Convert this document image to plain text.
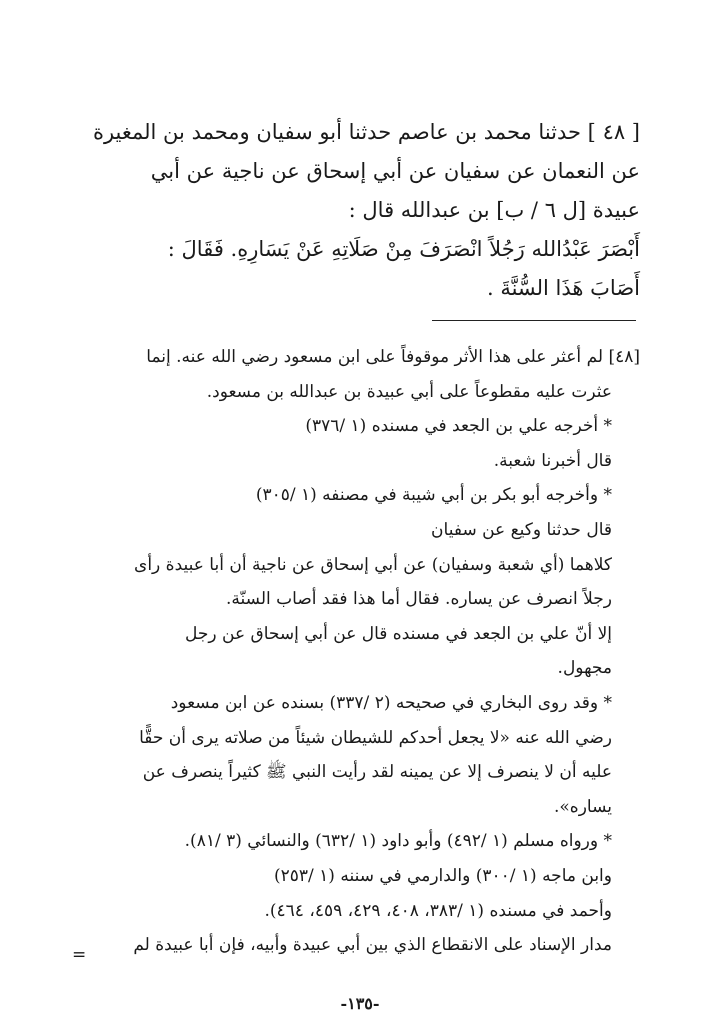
[ ٤٨ ] حدثنا محمد بن عاصم حدثنا أبو سفيان ومحمد بن المغيرة
عن النعمان عن سفيان عن أبي إسحاق عن ناجية عن أبي
عبيدة [ل ٦ / ب] بن عبدالله قال :
أَبْصَرَ عَبْدُالله رَجُلاً انْصَرَفَ مِنْ صَلَاتِهِ عَنْ يَسَارِهِ. فَقَالَ :
أَصَابَ هَذَا السُّنَّةَ .
[٤٨] لم أعثر على هذا الأثر موقوفاً على ابن مسعود رضي الله عنه. إنما
عثرت عليه مقطوعاً على أبي عبيدة بن عبدالله بن مسعود.
* أخرجه علي بن الجعد في مسنده (١ /٣٧٦)
قال أخبرنا شعبة.
* وأخرجه أبو بكر بن أبي شيبة في مصنفه (١ /٣٠٥)
قال حدثنا وكيع عن سفيان
كلاهما (أي شعبة وسفيان) عن أبي إسحاق عن ناجية أن أبا عبيدة رأى
رجلاً انصرف عن يساره. فقال أما هذا فقد أصاب السنّة.
إلا أنّ علي بن الجعد في مسنده قال عن أبي إسحاق عن رجل
مجهول.
* وقد روى البخاري في صحيحه (٢ /٣٣٧) بسنده عن ابن مسعود
رضي الله عنه «لا يجعل أحدكم للشيطان شيئاً من صلاته يرى أن حقًّا
عليه أن لا ينصرف إلا عن يمينه لقد رأيت النبي ﷺ كثيراً ينصرف عن
يساره».
* ورواه مسلم (١ /٤٩٢) وأبو داود (١ /٦٣٢) والنسائي (٣ /٨١).
وابن ماجه (١ /٣٠٠) والدارمي في سننه (١ /٢٥٣)
وأحمد في مسنده (١ /٣٨٣، ٤٠٨، ٤٢٩، ٤٥٩، ٤٦٤).
مدار الإسناد على الانقطاع الذي بين أبي عبيدة وأبيه، فإن أبا عبيدة لم
=
-١٣٥-
